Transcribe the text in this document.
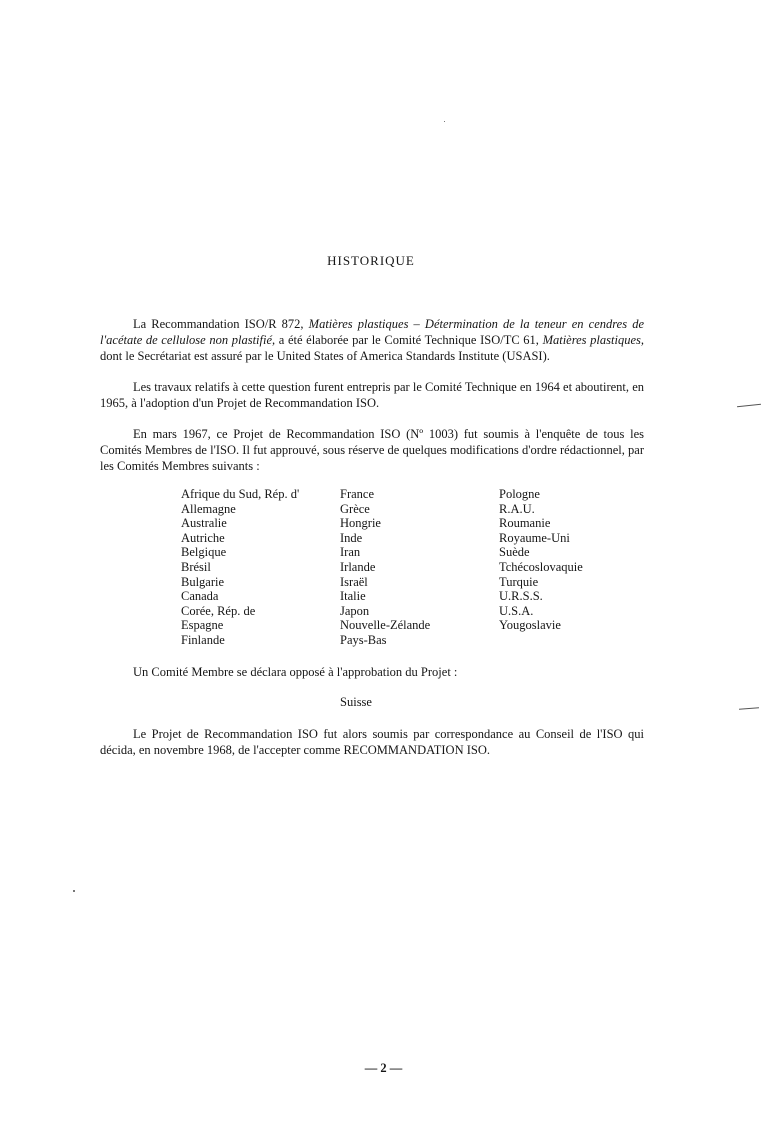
HISTORIQUE

La Recommandation ISO/R 872, Matières plastiques – Détermination de la teneur en cendres de l'acétate de cellulose non plastifié, a été élaborée par le Comité Technique ISO/TC 61, Matières plastiques, dont le Secrétariat est assuré par le United States of America Standards Institute (USASI).

Les travaux relatifs à cette question furent entrepris par le Comité Technique en 1964 et aboutirent, en 1965, à l'adoption d'un Projet de Recommandation ISO.

En mars 1967, ce Projet de Recommandation ISO (Nº 1003) fut soumis à l'enquête de tous les Comités Membres de l'ISO. Il fut approuvé, sous réserve de quelques modifications d'ordre rédactionnel, par les Comités Membres suivants :

Afrique du Sud, Rép. d'
Allemagne
Australie
Autriche
Belgique
Brésil
Bulgarie
Canada
Corée, Rép. de
Espagne
Finlande
France
Grèce
Hongrie
Inde
Iran
Irlande
Israël
Italie
Japon
Nouvelle-Zélande
Pays-Bas
Pologne
R.A.U.
Roumanie
Royaume-Uni
Suède
Tchécoslovaquie
Turquie
U.R.S.S.
U.S.A.
Yougoslavie

Un Comité Membre se déclara opposé à l'approbation du Projet :

Suisse

Le Projet de Recommandation ISO fut alors soumis par correspondance au Conseil de l'ISO qui décida, en novembre 1968, de l'accepter comme RECOMMANDATION ISO.

— 2 —
